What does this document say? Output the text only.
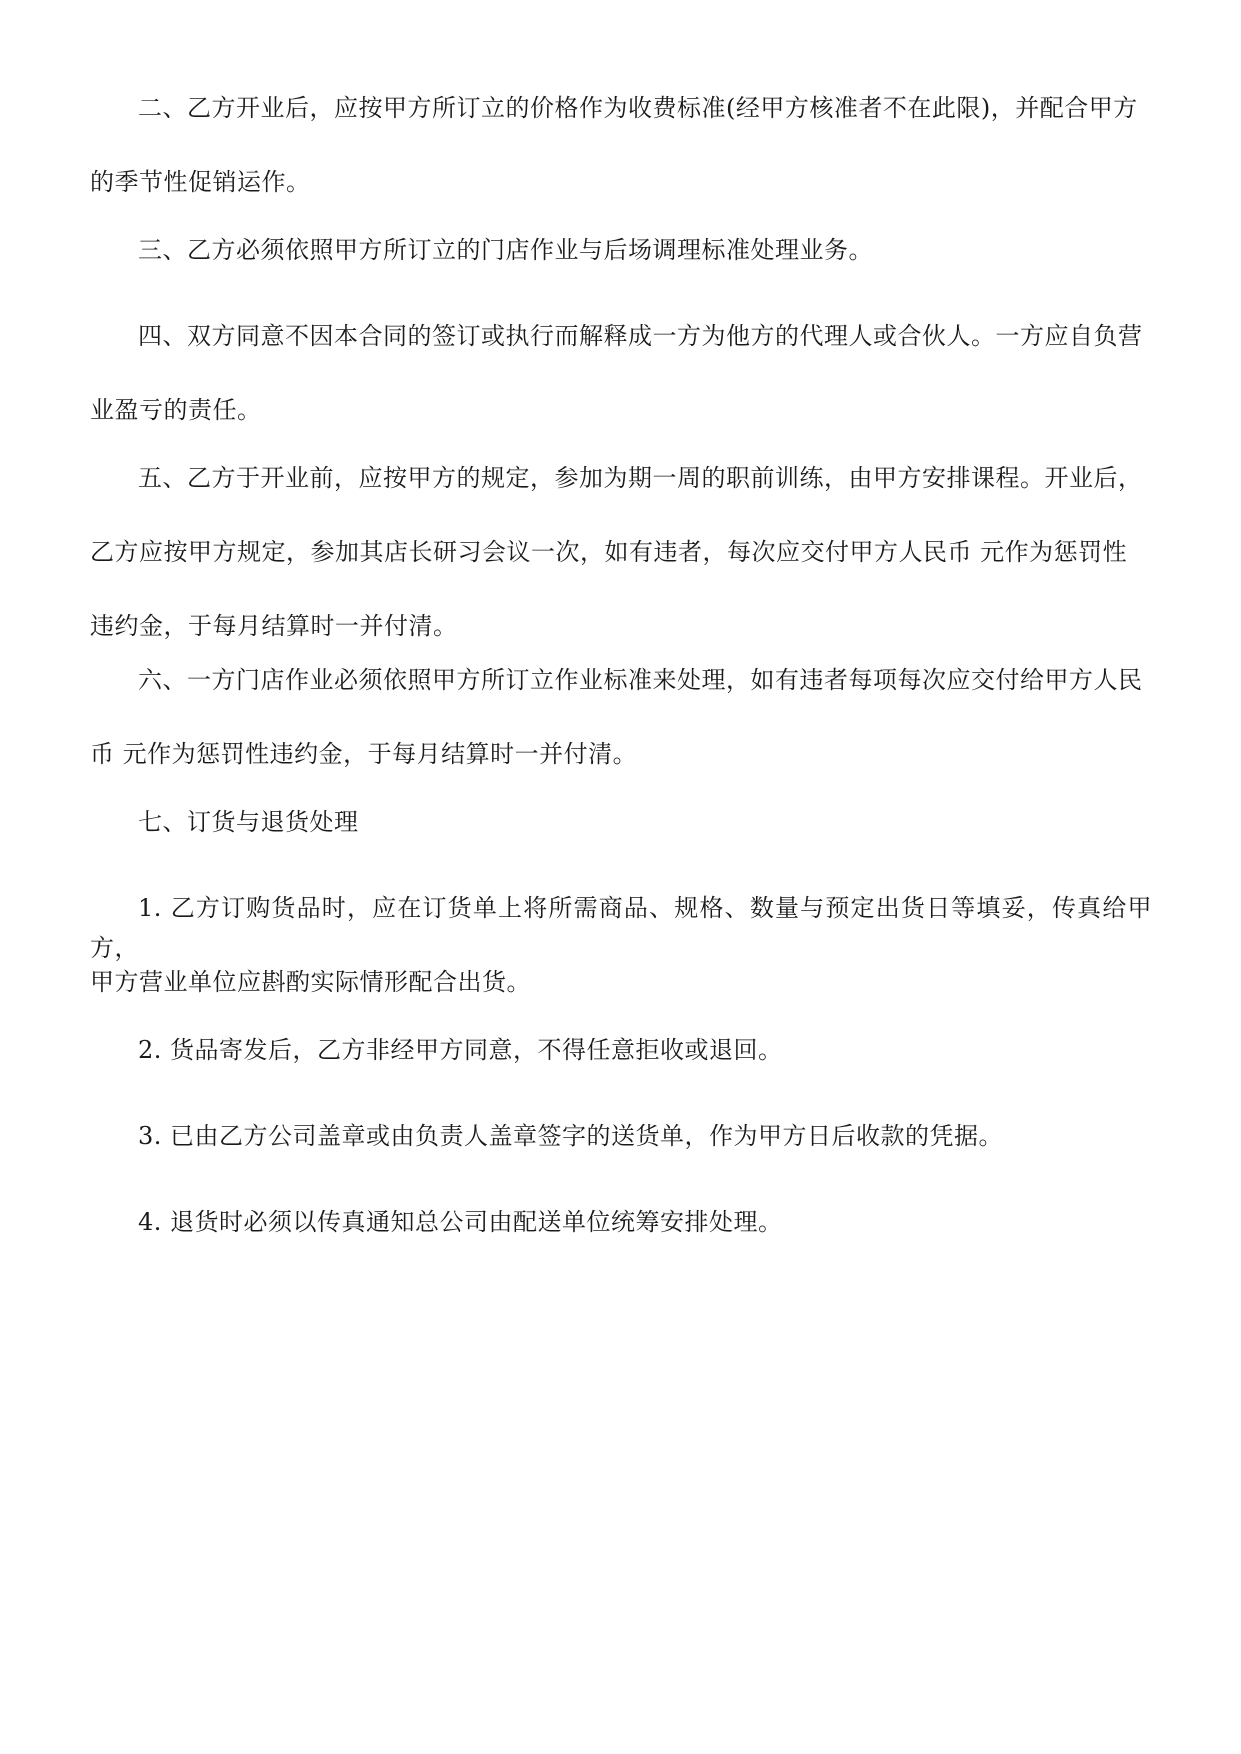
二、乙方开业后，应按甲方所订立的价格作为收费标准(经甲方核准者不在此限)，并配合甲方
的季节性促销运作。
三、乙方必须依照甲方所订立的门店作业与后场调理标准处理业务。
四、双方同意不因本合同的签订或执行而解释成一方为他方的代理人或合伙人。一方应自负营
业盈亏的责任。
五、乙方于开业前，应按甲方的规定，参加为期一周的职前训练，由甲方安排课程。开业后，
乙方应按甲方规定，参加其店长研习会议一次，如有违者，每次应交付甲方人民币 元作为惩罚性
违约金，于每月结算时一并付清。
六、一方门店作业必须依照甲方所订立作业标准来处理，如有违者每项每次应交付给甲方人民
币 元作为惩罚性违约金，于每月结算时一并付清。
七、订货与退货处理
1. 乙方订购货品时，应在订货单上将所需商品、规格、数量与预定出货日等填妥，传真给甲方，
甲方营业单位应斟酌实际情形配合出货。
2. 货品寄发后，乙方非经甲方同意，不得任意拒收或退回。
3. 已由乙方公司盖章或由负责人盖章签字的送货单，作为甲方日后收款的凭据。
4. 退货时必须以传真通知总公司由配送单位统筹安排处理。
